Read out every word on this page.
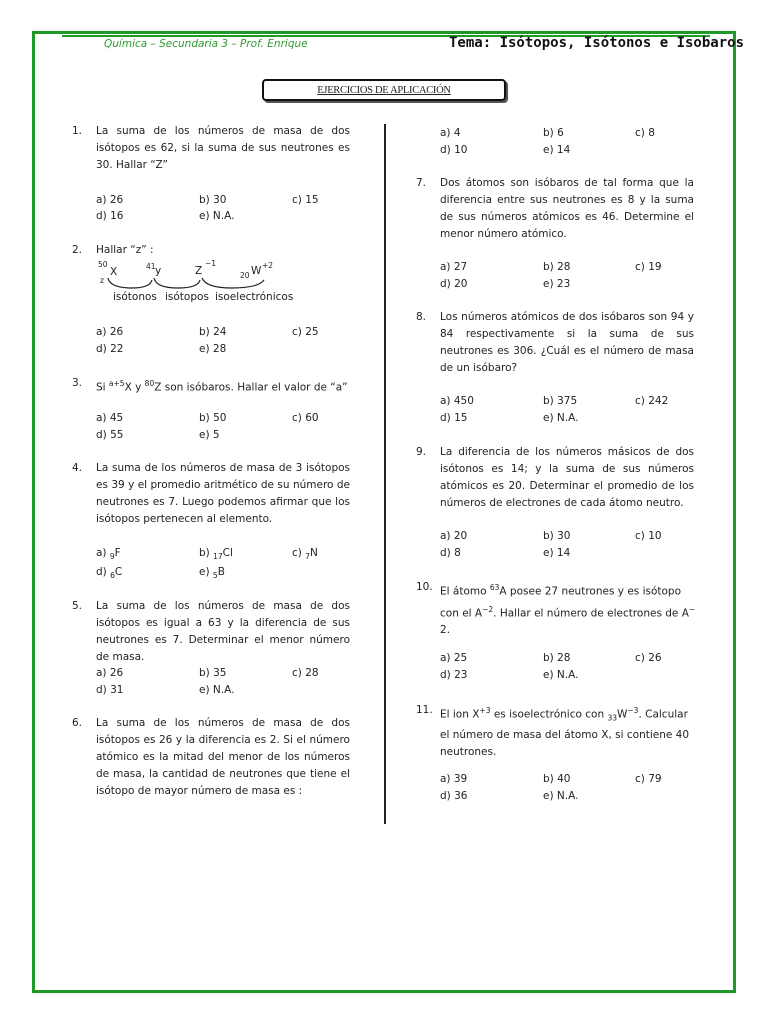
Química – Secundaria 3 – Prof. Enrique	Tema: Isótopos, Isótonos e Isobaros
EJERCICIOS DE APLICACIÓN
1. La suma de los números de masa de dos isótopos es 62, si la suma de sus neutrones es 30. Hallar “Z”
a) 26	b) 30	c) 15
d) 16	e) N.A.
2. Hallar “z” :
50
X
z
41 y	Z
−1
20 W +2
isótonos isótopos isoelectrónicos
a) 26	b) 24	c) 25
d) 22	e) 28
3. Si $^{a+5}$X y $^{80}$Z son isóbaros. Hallar el valor de “a”
a) 45	b) 50	c) 60
d) 55	e) 5
4. La suma de los números de masa de 3 isótopos es 39 y el promedio aritmético de su número de neutrones es 7. Luego podemos afirmar que los isótopos pertenecen al elemento.
a) $_9$F	b) $_{17}$Cl	c) $_7$N
d) $_6$C	e) $_5$B
5. La suma de los números de masa de dos isótopos es igual a 63 y la diferencia de sus neutrones es 7. Determinar el menor número de masa.
a) 26	b) 35	c) 28
d) 31	e) N.A.
6. La suma de los números de masa de dos isótopos es 26 y la diferencia es 2. Si el número atómico es la mitad del menor de los números de masa, la cantidad de neutrones que tiene el isótopo de mayor número de masa es :
a) 4	b) 6	c) 8
d) 10	e) 14
7. Dos átomos son isóbaros de tal forma que la diferencia entre sus neutrones es 8 y la suma de sus números atómicos es 46. Determine el menor número atómico.
a) 27	b) 28	c) 19
d) 20	e) 23
8. Los números atómicos de dos isóbaros son 94 y 84 respectivamente si la suma de sus neutrones es 306. ¿Cuál es el número de masa de un isóbaro?
a) 450	b) 375	c) 242
d) 15	e) N.A.
9. La diferencia de los números másicos de dos isótonos es 14; y la suma de sus números atómicos es 20. Determinar el promedio de los números de electrones de cada átomo neutro.
a) 20	b) 30	c) 10
d) 8	e) 14
10. El átomo $^{63}$A posee 27 neutrones y es isótopo
con el $A^{-2}$. Hallar el número de electrones de A−
2.
a) 25	b) 28	c) 26
d) 23	e) N.A.
11. El ion $X^{+3}$ es isoelectrónico con $_{33}W^{-3}$. Calcular
el número de masa del átomo X, si contiene 40
neutrones.
a) 39	b) 40	c) 79
d) 36	e) N.A.
